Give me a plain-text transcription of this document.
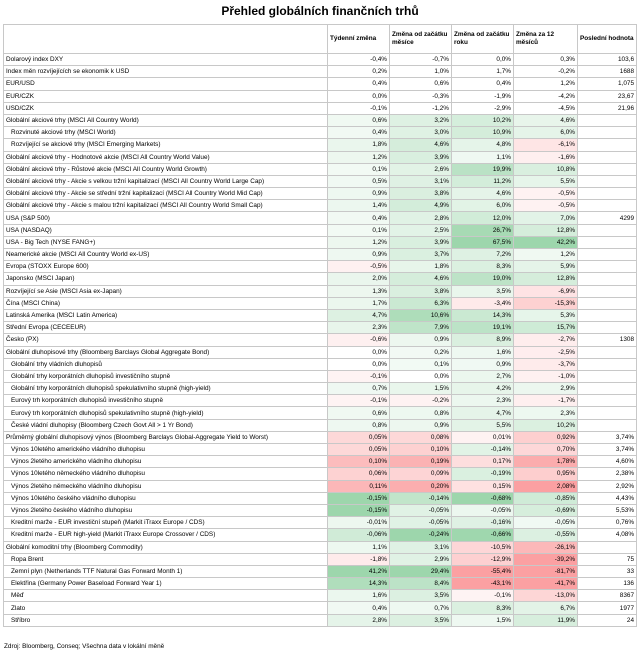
Přehled globálních finančních trhů
	Týdenní změna	Změna od začátku měsíce	Změna od začátku roku	Změna za 12 měsíců	Poslední hodnota
Dolarový index DXY	-0,4%	-0,7%	0,0%	0,3%	103,6
Index měn rozvíjejících se ekonomik k USD	0,2%	1,0%	1,7%	-0,2%	1688
EUR/USD	0,4%	0,6%	0,4%	1,2%	1,075
EUR/CZK	0,0%	-0,3%	-1,9%	-4,2%	23,67
USD/CZK	-0,1%	-1,2%	-2,9%	-4,5%	21,96
Globální akciové trhy (MSCI All Country World)	0,6%	3,2%	10,2%	4,6%	
Rozvinuté akciové trhy (MSCI World)	0,4%	3,0%	10,9%	6,0%	
Rozvíjející se akciové trhy (MSCI Emerging Markets)	1,8%	4,6%	4,8%	-6,1%	
Globální akciové trhy - Hodnotové akcie (MSCI All Country World Value)	1,2%	3,9%	1,1%	-1,6%	
Globální akciové trhy - Růstové akcie (MSCI All Country World Growth)	0,1%	2,6%	19,9%	10,8%	
Globální akciové trhy - Akcie s velkou tržní kapitalizací (MSCI All Country World Large Cap)	0,5%	3,1%	11,2%	5,5%	
Globální akciové trhy - Akcie se střední tržní kapitalizací (MSCI All Country World Mid Cap)	0,9%	3,8%	4,6%	-0,5%	
Globální akciové trhy - Akcie s malou tržní kapitalizací (MSCI All Country World Small Cap)	1,4%	4,9%	6,0%	-0,5%	
USA (S&P 500)	0,4%	2,8%	12,0%	7,0%	4299
USA (NASDAQ)	0,1%	2,5%	26,7%	12,8%	
USA - Big Tech (NYSE FANG+)	1,2%	3,9%	67,5%	42,2%	
Neamerické akcie (MSCI All Country World ex-US)	0,9%	3,7%	7,2%	1,2%	
Evropa (STOXX Europe 600)	-0,5%	1,8%	8,3%	5,9%	
Japonsko (MSCI Japan)	2,0%	4,6%	19,0%	12,8%	
Rozvíjející se Asie (MSCI Asia ex-Japan)	1,3%	3,8%	3,5%	-6,9%	
Čína (MSCI China)	1,7%	6,3%	-3,4%	-15,3%	
Latinská Amerika (MSCI Latin America)	4,7%	10,6%	14,3%	5,3%	
Střední Evropa (CECEEUR)	2,3%	7,9%	19,1%	15,7%	
Česko (PX)	-0,6%	0,9%	8,9%	-2,7%	1308
Globální dluhopisové trhy (Bloomberg Barclays Global Aggregate Bond)	0,0%	0,2%	1,6%	-2,5%	
Globální trhy vládních dluhopisů	0,0%	0,1%	0,9%	-3,7%	
Globální trhy korporátních dluhopisů investičního stupně	-0,1%	0,0%	2,7%	-1,0%	
Globální trhy korporátních dluhopisů spekulativního stupně (high-yield)	0,7%	1,5%	4,2%	2,9%	
Eurový trh korporátních dluhopisů investičního stupně	-0,1%	-0,2%	2,3%	-1,7%	
Eurový trh korporátních dluhopisů spekulativního stupně (high-yield)	0,6%	0,8%	4,7%	2,3%	
České vládní dluhopisy (Bloomberg Czech Govt All > 1 Yr Bond)	0,8%	0,9%	5,5%	10,2%	
Průměrný globální dluhopisový výnos (Bloomberg Barclays Global-Aggregate Yield to Worst)	0,05%	0,08%	0,01%	0,92%	3,74%
Výnos 10letého amerického vládního dluhopisu	0,05%	0,10%	-0,14%	0,70%	3,74%
Výnos 2letého amerického vládního dluhopisu	0,10%	0,19%	0,17%	1,78%	4,60%
Výnos 10letého německého vládního dluhopisu	0,06%	0,09%	-0,19%	0,95%	2,38%
Výnos 2letého německého vládního dluhopisu	0,11%	0,20%	0,15%	2,08%	2,92%
Výnos 10letého českého vládního dluhopisu	-0,15%	-0,14%	-0,68%	-0,85%	4,43%
Výnos 2letého českého vládního dluhopisu	-0,15%	-0,05%	-0,05%	-0,69%	5,53%
Kreditní marže - EUR investiční stupeň (Markit iTraxx Europe / CDS)	-0,01%	-0,05%	-0,16%	-0,05%	0,76%
Kreditní marže - EUR high-yield (Markit iTraxx Europe Crossover / CDS)	-0,06%	-0,24%	-0,66%	-0,55%	4,08%
Globální komoditní trhy (Bloomberg Commodity)	1,1%	3,1%	-10,5%	-26,1%	
Ropa Brent	-1,8%	2,9%	-12,9%	-39,2%	75
Zemní plyn (Netherlands TTF Natural Gas Forward Month 1)	41,2%	29,4%	-55,4%	-81,7%	33
Elektřina (Germany Power Baseload Forward Year 1)	14,3%	8,4%	-43,1%	-41,7%	136
Měď	1,6%	3,5%	-0,1%	-13,0%	8367
Zlato	0,4%	0,7%	8,3%	6,7%	1977
Stříbro	2,8%	3,5%	1,5%	11,9%	24
Zdroj: Bloomberg, Conseq; Všechna data v lokální měně
